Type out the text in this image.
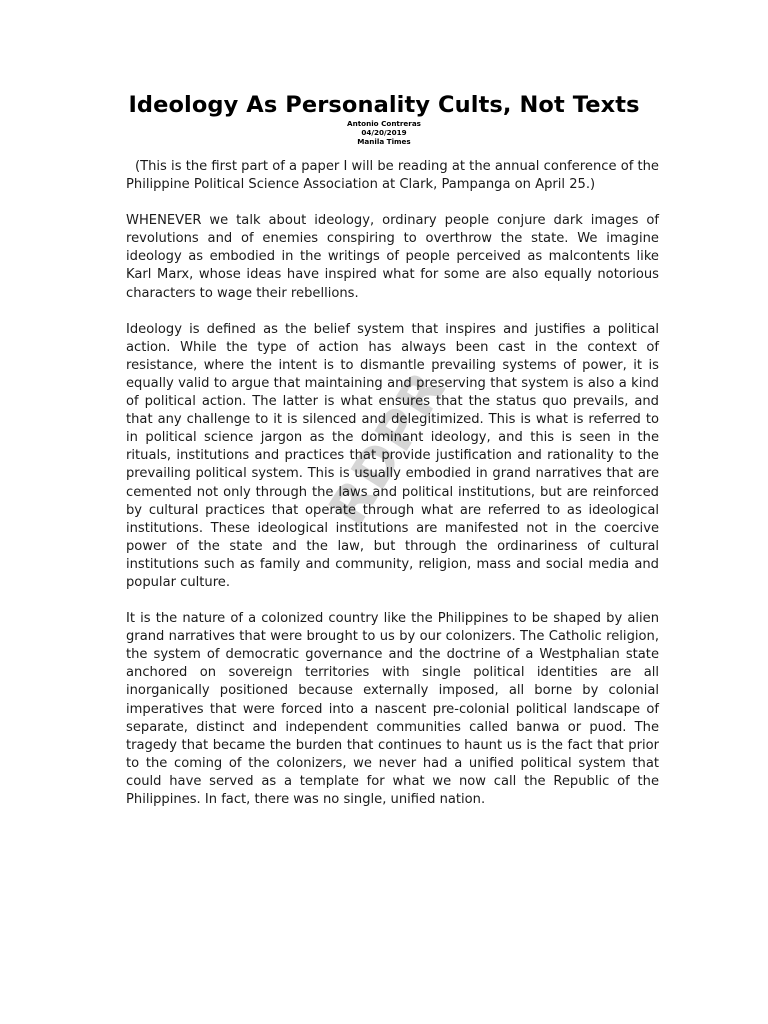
Ideology As Personality Cults, Not Texts
Antonio Contreras
04/20/2019
Manila Times

(This is the first part of a paper I will be reading at the annual conference of the Philippine Political Science Association at Clark, Pampanga on April 25.)

WHENEVER we talk about ideology, ordinary people conjure dark images of revolutions and of enemies conspiring to overthrow the state. We imagine ideology as embodied in the writings of people perceived as malcontents like Karl Marx, whose ideas have inspired what for some are also equally notorious characters to wage their rebellions.

Ideology is defined as the belief system that inspires and justifies a political action. While the type of action has always been cast in the context of resistance, where the intent is to dismantle prevailing systems of power, it is equally valid to argue that maintaining and preserving that system is also a kind of political action. The latter is what ensures that the status quo prevails, and that any challenge to it is silenced and delegitimized. This is what is referred to in political science jargon as the dominant ideology, and this is seen in the rituals, institutions and practices that provide justification and rationality to the prevailing political system. This is usually embodied in grand narratives that are cemented not only through the laws and political institutions, but are reinforced by cultural practices that operate through what are referred to as ideological institutions. These ideological institutions are manifested not in the coercive power of the state and the law, but through the ordinariness of cultural institutions such as family and community, religion, mass and social media and popular culture.

It is the nature of a colonized country like the Philippines to be shaped by alien grand narratives that were brought to us by our colonizers. The Catholic religion, the system of democratic governance and the doctrine of a Westphalian state anchored on sovereign territories with single political identities are all inorganically positioned because externally imposed, all borne by colonial imperatives that were forced into a nascent pre-colonial political landscape of separate, distinct and independent communities called banwa or puod. The tragedy that became the burden that continues to haunt us is the fact that prior to the coming of the colonizers, we never had a unified political system that could have served as a template for what we now call the Republic of the Philippines. In fact, there was no single, unified nation.

RDPR
